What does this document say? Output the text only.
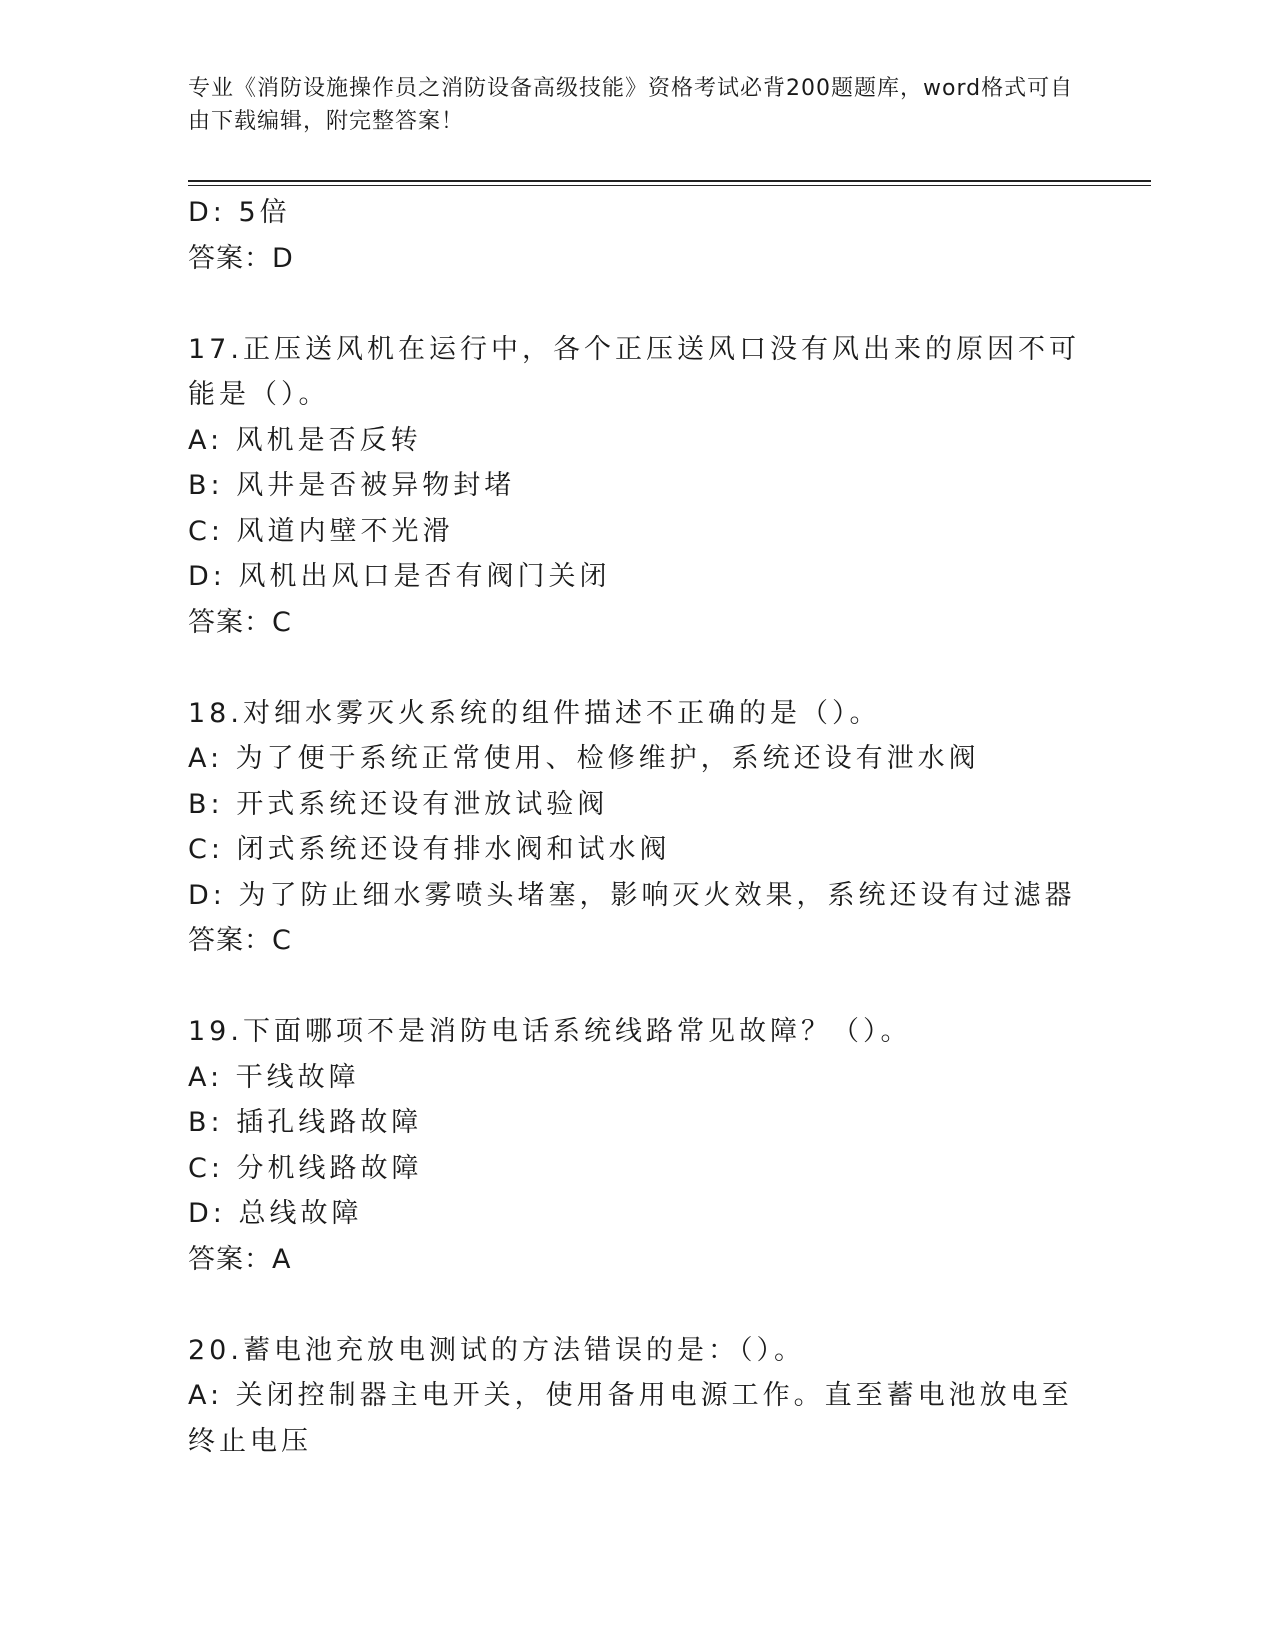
专业《消防设施操作员之消防设备高级技能》资格考试必背200题题库，word格式可自由下载编辑，附完整答案！
D: 5倍
答案：D
17.正压送风机在运行中，各个正压送风口没有风出来的原因不可能是（）。
A: 风机是否反转
B: 风井是否被异物封堵
C: 风道内壁不光滑
D: 风机出风口是否有阀门关闭
答案：C
18.对细水雾灭火系统的组件描述不正确的是（）。
A: 为了便于系统正常使用、检修维护，系统还设有泄水阀
B: 开式系统还设有泄放试验阀
C: 闭式系统还设有排水阀和试水阀
D: 为了防止细水雾喷头堵塞，影响灭火效果，系统还设有过滤器
答案：C
19.下面哪项不是消防电话系统线路常见故障？（）。
A: 干线故障
B: 插孔线路故障
C: 分机线路故障
D: 总线故障
答案：A
20.蓄电池充放电测试的方法错误的是：（）。
A: 关闭控制器主电开关，使用备用电源工作。直至蓄电池放电至终止电压
